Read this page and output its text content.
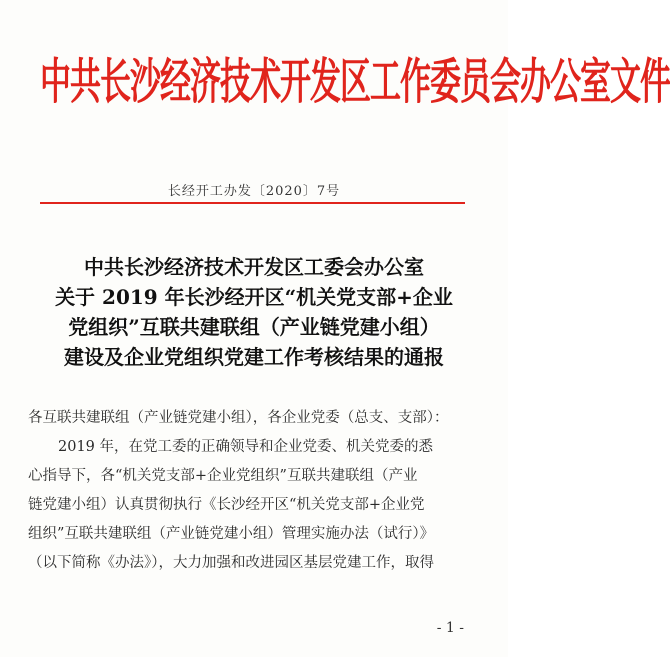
中共长沙经济技术开发区工作委员会办公室文件
长经开工办发〔2020〕7号
中共长沙经济技术开发区工委会办公室
关于 2019 年长沙经开区“机关党支部+企业
党组织”互联共建联组（产业链党建小组）
建设及企业党组织党建工作考核结果的通报
各互联共建联组（产业链党建小组），各企业党委（总支、支部）：
2019 年，在党工委的正确领导和企业党委、机关党委的悉
心指导下，各“机关党支部+企业党组织”互联共建联组（产业
链党建小组）认真贯彻执行《长沙经开区“机关党支部+企业党
组织”互联共建联组（产业链党建小组）管理实施办法（试行）》
（以下简称《办法》），大力加强和改进园区基层党建工作，取得
- 1 -
